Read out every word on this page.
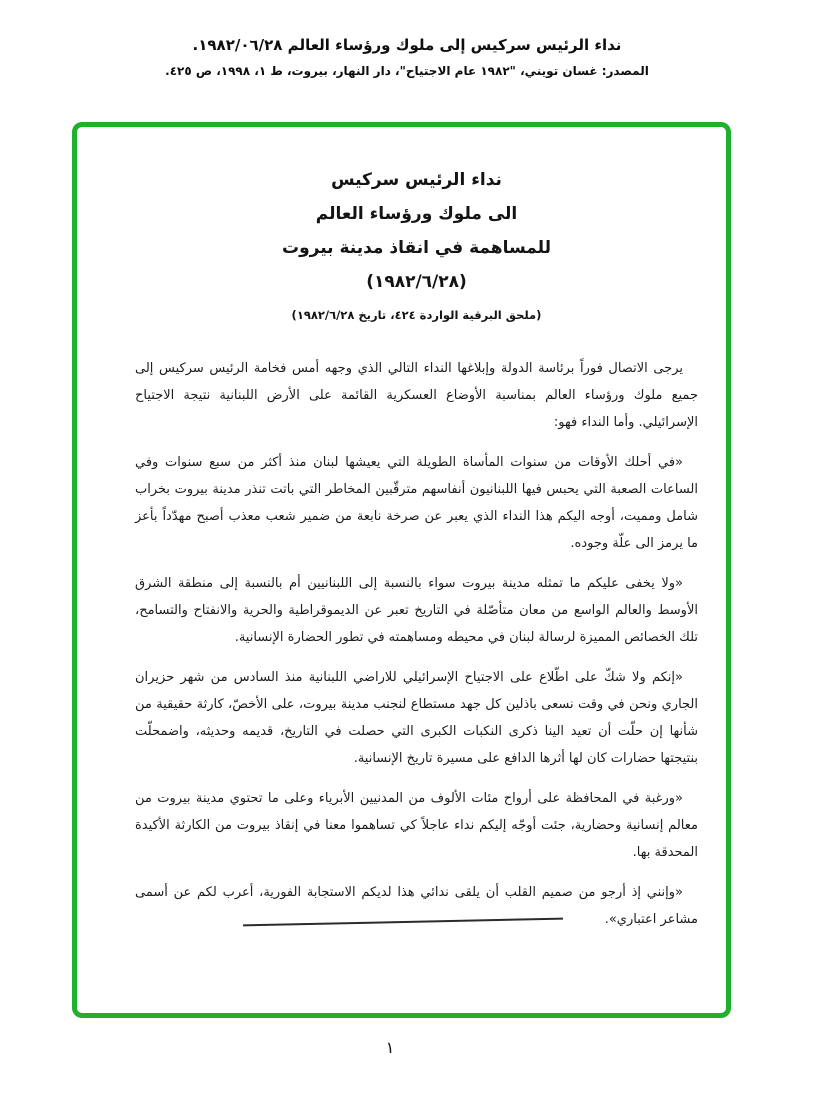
نداء الرئيس سركيس إلى ملوك ورؤساء العالم ١٩٨٢/٠٦/٢٨.
المصدر: غسان تويني، "١٩٨٢ عام الاجتياح"، دار النهار، بيروت، ط ١، ١٩٩٨، ص ٤٢٥.
نداء الرئيس سركيس
الى ملوك ورؤساء العالم
للمساهمة في انقاذ مدينة بيروت
(١٩٨٢/٦/٢٨)
(ملحق البرقية الواردة ٤٢٤، تاريخ ١٩٨٢/٦/٢٨)

يرجى الاتصال فوراً برئاسة الدولة وإبلاغها النداء التالي الذي وجهه أمس فخامة الرئيس سركيس إلى جميع ملوك ورؤساء العالم بمناسبة الأوضاع العسكرية القائمة على الأرض اللبنانية نتيجة الاجتياح الإسرائيلي. وأما النداء فهو:

«في أحلك الأوقات من سنوات المأساة الطويلة التي يعيشها لبنان منذ أكثر من سبع سنوات وفي الساعات الصعبة التي يحبس فيها اللبنانيون أنفاسهم مترقّبين المخاطر التي باتت تنذر مدينة بيروت بخراب شامل ومميت، أوجه اليكم هذا النداء الذي يعبر عن صرخة نابعة من ضمير شعب معذب أصبح مهدّداً بأعز ما يرمز الى علّة وجوده.

«ولا يخفى عليكم ما تمثله مدينة بيروت سواء بالنسبة إلى اللبنانيين أم بالنسبة إلى منطقة الشرق الأوسط والعالم الواسع من معان متأصّلة في التاريخ تعبر عن الديموقراطية والحرية والانفتاح والتسامح، تلك الخصائص المميزة لرسالة لبنان في محيطه ومساهمته في تطور الحضارة الإنسانية.

«إنكم ولا شكّ على اطّلاع على الاجتياح الإسرائيلي للاراضي اللبنانية منذ السادس من شهر حزيران الجاري ونحن في وقت نسعى باذلين كل جهد مستطاع لنجنب مدينة بيروت، على الأخصّ، كارثة حقيقية من شأنها إن حلّت أن تعيد الينا ذكرى النكبات الكبرى التي حصلت في التاريخ، قديمه وحديثه، واضمحلّت بنتيجتها حضارات كان لها أثرها الدافع على مسيرة تاريخ الإنسانية.

«ورغبة في المحافظة على أرواح مئات الألوف من المدنيين الأبرياء وعلى ما تحتوي مدينة بيروت من معالم إنسانية وحضارية، جئت أوجّه إليكم نداء عاجلاً كي تساهموا معنا في إنقاذ بيروت من الكارثة الأكيدة المحدقة بها.

«وإنني إذ أرجو من صميم القلب أن يلقى ندائي هذا لديكم الاستجابة الفورية، أعرب لكم عن أسمى مشاعر اعتباري».

١
